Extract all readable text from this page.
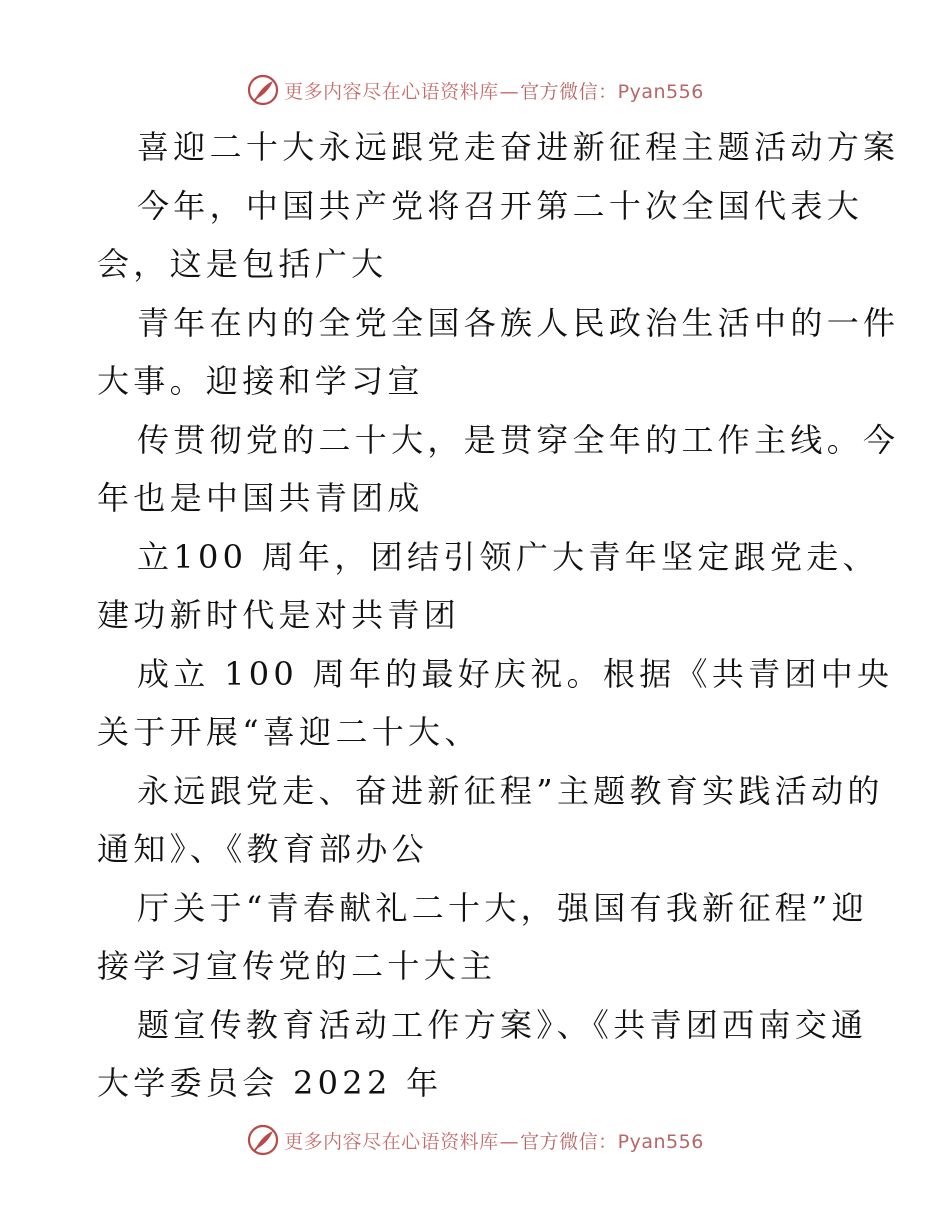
更多内容尽在心语资料库—官方微信：Pyan556
喜迎二十大永远跟党走奋进新征程主题活动方案
今年，中国共产党将召开第二十次全国代表大
会，这是包括广大
青年在内的全党全国各族人民政治生活中的一件
大事。迎接和学习宣
传贯彻党的二十大，是贯穿全年的工作主线。今
年也是中国共青团成
立100 周年，团结引领广大青年坚定跟党走、
建功新时代是对共青团
成立 100 周年的最好庆祝。根据《共青团中央
关于开展“喜迎二十大、
永远跟党走、奋进新征程”主题教育实践活动的
通知》、《教育部办公
厅关于“青春献礼二十大，强国有我新征程”迎
接学习宣传党的二十大主
题宣传教育活动工作方案》、《共青团西南交通
大学委员会 2022 年
更多内容尽在心语资料库—官方微信：Pyan556
